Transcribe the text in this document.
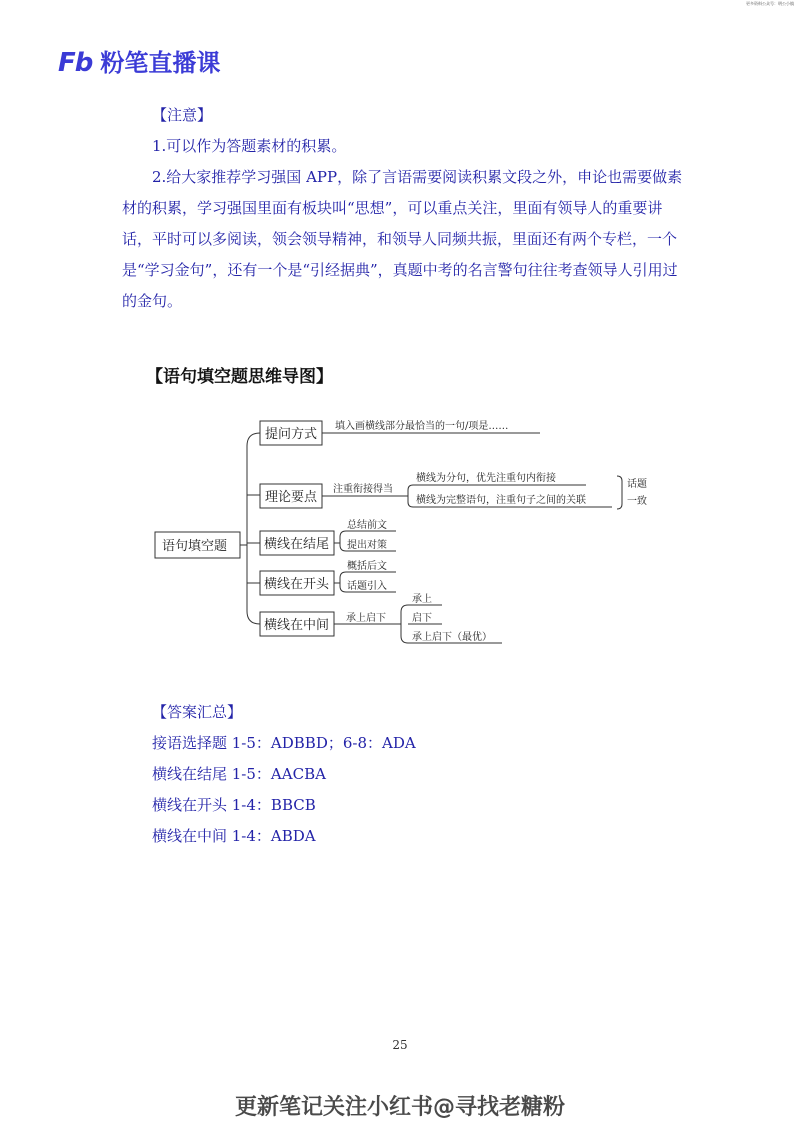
更多资料公众号：明公小镇
Fb 粉笔直播课
【注意】
1.可以作为答题素材的积累。
2.给大家推荐学习强国 APP，除了言语需要阅读积累文段之外，申论也需要做素材的积累，学习强国里面有板块叫“思想”，可以重点关注，里面有领导人的重要讲话，平时可以多阅读，领会领导精神，和领导人同频共振，里面还有两个专栏，一个是“学习金句”，还有一个是“引经据典”，真题中考的名言警句往往考查领导人引用过的金句。
【语句填空题思维导图】
语句填空题
提问方式
填入画横线部分最恰当的一句/项是……
理论要点
注重衔接得当
横线为分句，优先注重句内衔接
横线为完整语句，注重句子之间的关联
话题
一致
横线在结尾
总结前文
提出对策
横线在开头
概括后文
话题引入
横线在中间 承上启下
承上
启下
承上启下（最优）
【答案汇总】
接语选择题 1-5：ADBBD；6-8：ADA
横线在结尾 1-5：AACBA
横线在开头 1-4：BBCB
横线在中间 1-4：ABDA
25
更新笔记关注小红书@寻找老糖粉
